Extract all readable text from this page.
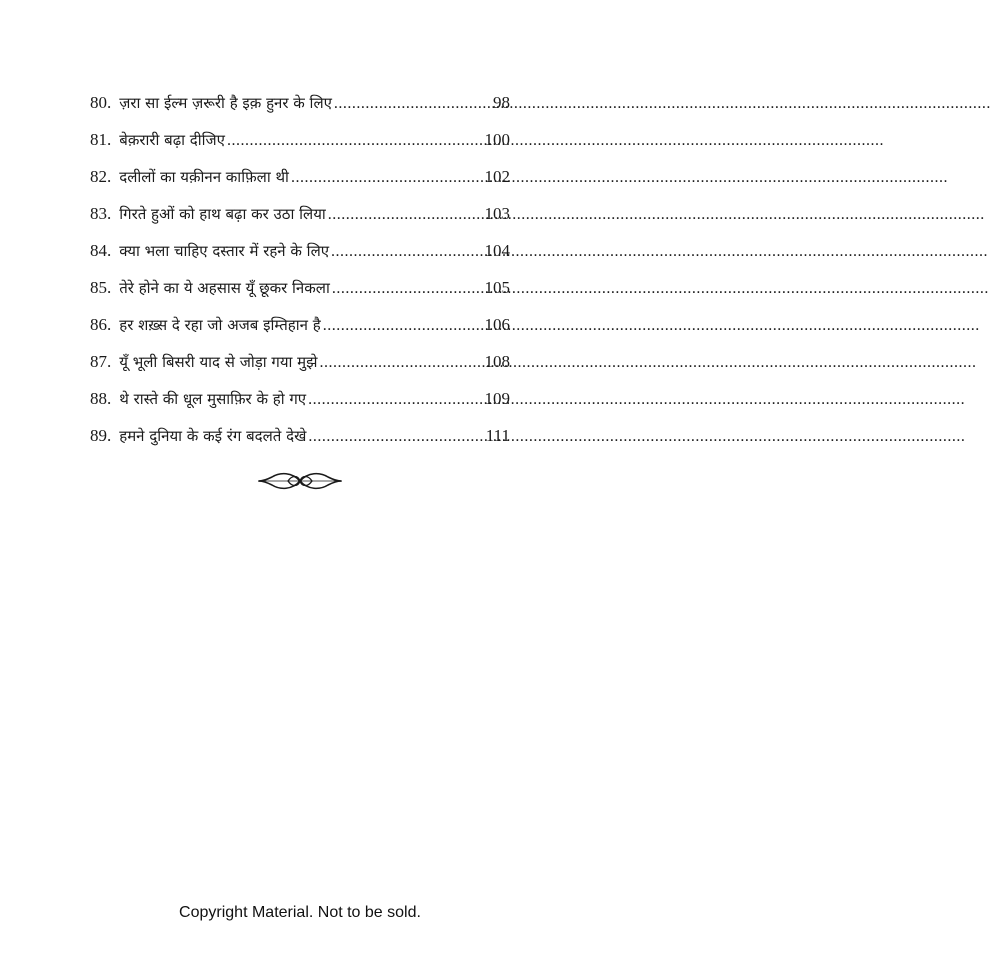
80. ज़रा सा ईल्म ज़रूरी है इक़ हुनर के लिए .....	98
81. बेक़रारी बढ़ा दीजिए .....	100
82. दलीलों का यक़ीनन काफ़िला थी .....	102
83. गिरते हुओं को हाथ बढ़ा कर उठा लिया .....	103
84. क्या भला चाहिए दस्तार में रहने के लिए .....	104
85. तेरे होने का ये अहसास यूँ छूकर निकला .....	105
86. हर शख़्स दे रहा जो अजब इम्तिहान है .....	106
87. यूँ भूली बिसरी याद से जोड़ा गया मुझे .....	108
88. थे रास्ते की धूल मुसाफ़िर के हो गए .....	109
89. हमने दुनिया के कई रंग बदलते देखे .....	111
Copyright Material. Not to be sold.
